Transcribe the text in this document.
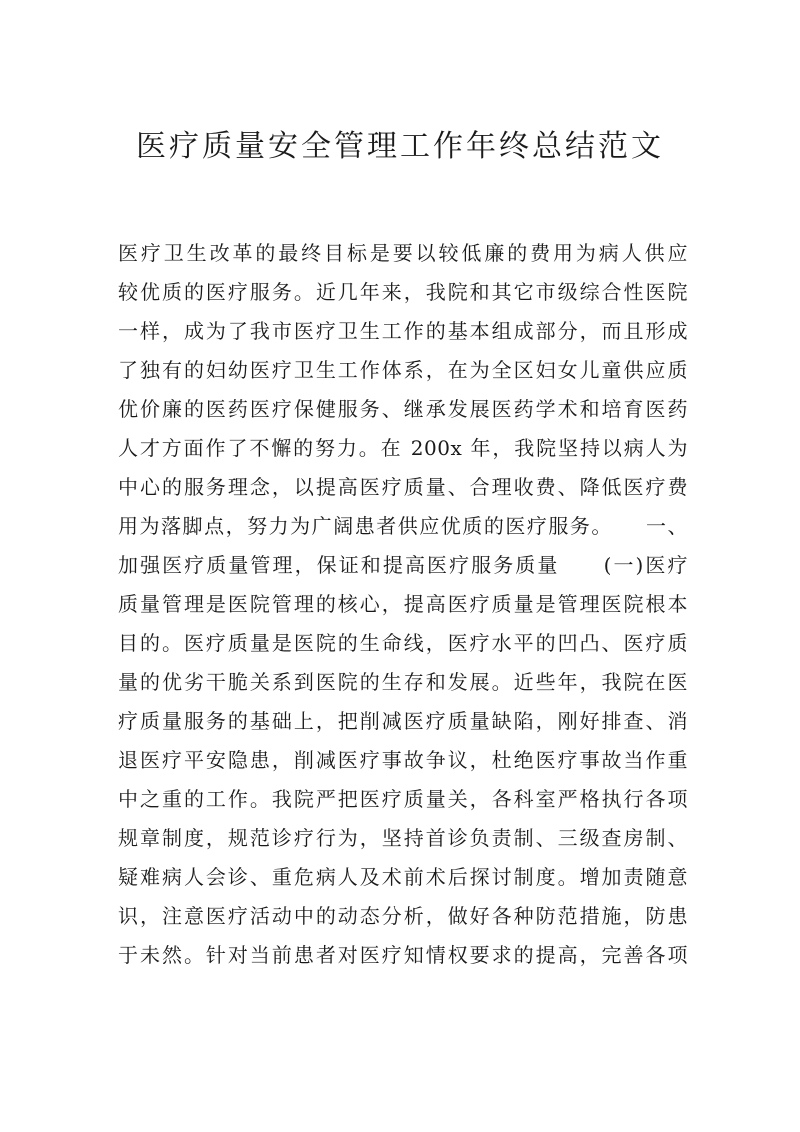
医疗质量安全管理工作年终总结范文
医疗卫生改革的最终目标是要以较低廉的费用为病人供应
较优质的医疗服务。近几年来，我院和其它市级综合性医院
一样，成为了我市医疗卫生工作的基本组成部分，而且形成
了独有的妇幼医疗卫生工作体系，在为全区妇女儿童供应质
优价廉的医药医疗保健服务、继承发展医药学术和培育医药
人才方面作了不懈的努力。在 200x 年，我院坚持以病人为
中心的服务理念，以提高医疗质量、合理收费、降低医疗费
用为落脚点，努力为广阔患者供应优质的医疗服务。　　一、
加强医疗质量管理，保证和提高医疗服务质量　　(一)医疗
质量管理是医院管理的核心，提高医疗质量是管理医院根本
目的。医疗质量是医院的生命线，医疗水平的凹凸、医疗质
量的优劣干脆关系到医院的生存和发展。近些年，我院在医
疗质量服务的基础上，把削减医疗质量缺陷，刚好排查、消
退医疗平安隐患，削减医疗事故争议，杜绝医疗事故当作重
中之重的工作。我院严把医疗质量关，各科室严格执行各项
规章制度，规范诊疗行为，坚持首诊负责制、三级查房制、
疑难病人会诊、重危病人及术前术后探讨制度。增加责随意
识，注意医疗活动中的动态分析，做好各种防范措施，防患
于未然。针对当前患者对医疗知情权要求的提高，完善各项
